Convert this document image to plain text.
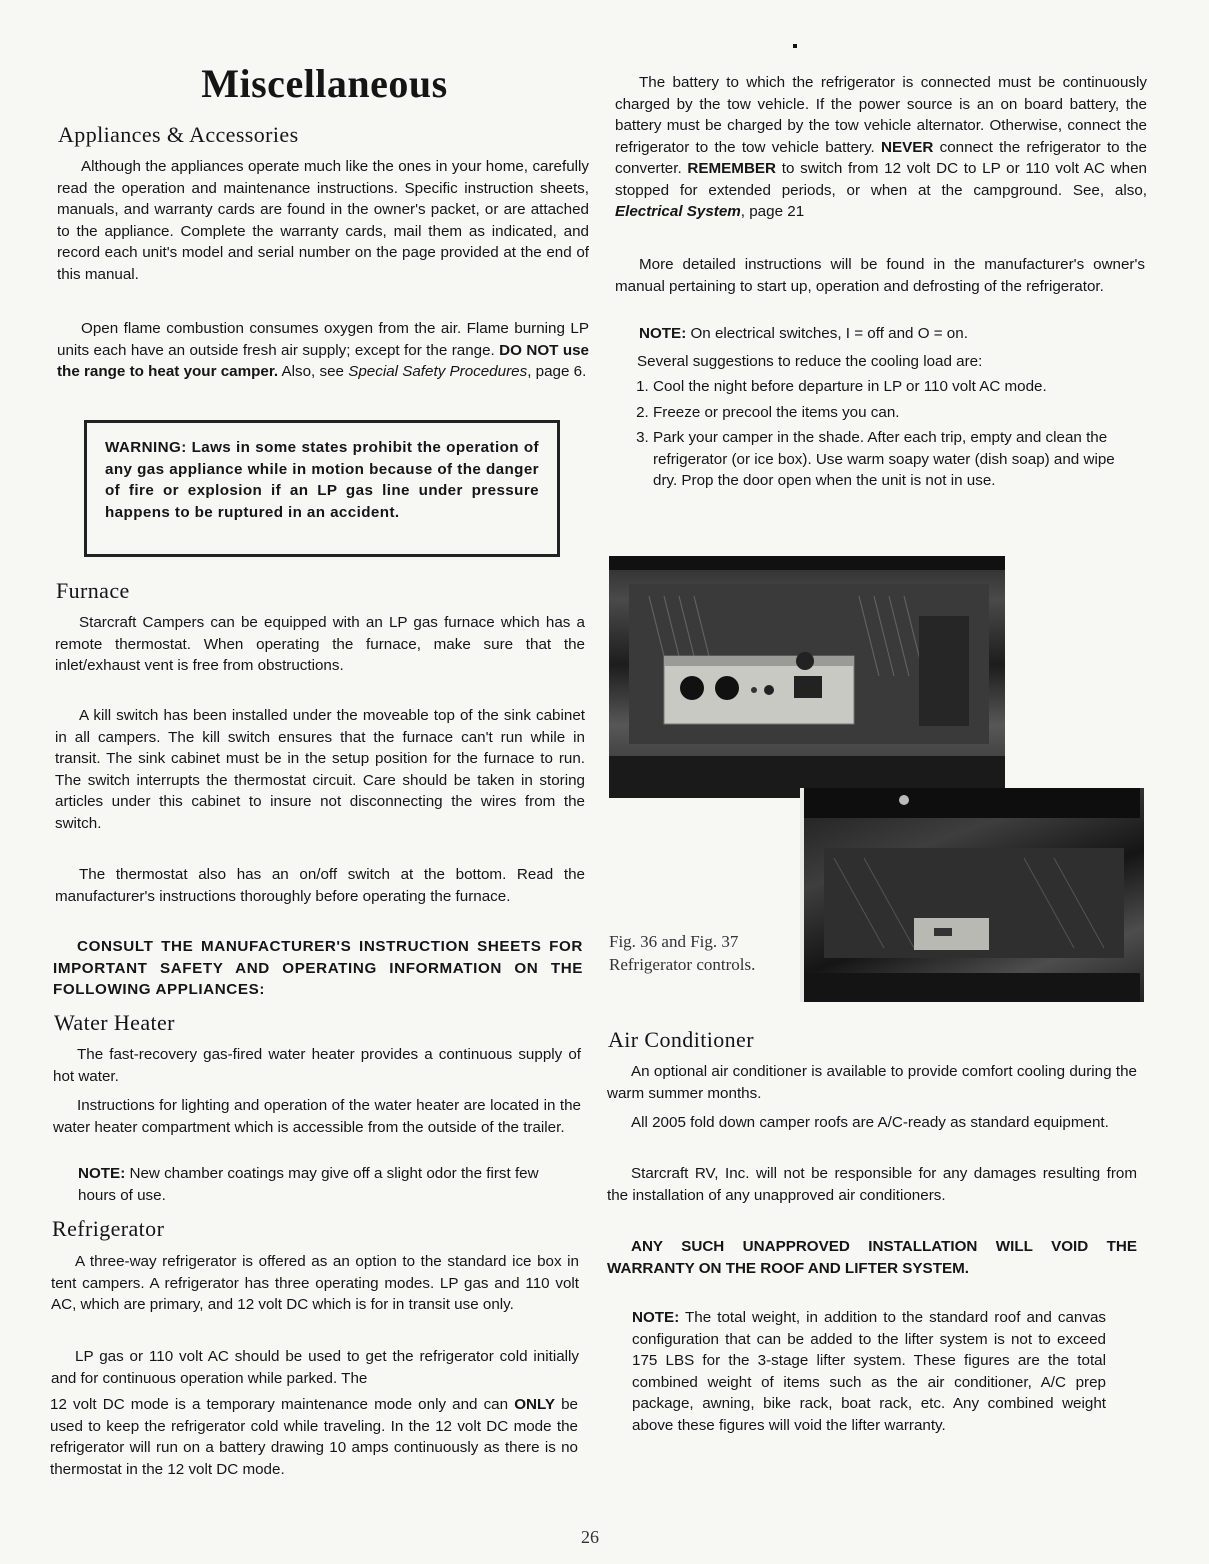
Miscellaneous
Appliances & Accessories

Although the appliances operate much like the ones in your home, carefully read the operation and maintenance instructions. Specific instruction sheets, manuals, and warranty cards are found in the owner's packet, or are attached to the appliance. Complete the warranty cards, mail them as indicated, and record each unit's model and serial number on the page provided at the end of this manual.

Open flame combustion consumes oxygen from the air. Flame burning LP units each have an outside fresh air supply; except for the range. DO NOT use the range to heat your camper. Also, see Special Safety Procedures, page 6.

WARNING: Laws in some states prohibit the operation of any gas appliance while in motion because of the danger of fire or explosion if an LP gas line under pressure happens to be ruptured in an accident.
Furnace

Starcraft Campers can be equipped with an LP gas furnace which has a remote thermostat. When operating the furnace, make sure that the inlet/exhaust vent is free from obstructions.

A kill switch has been installed under the moveable top of the sink cabinet in all campers. The kill switch ensures that the furnace can't run while in transit. The sink cabinet must be in the setup position for the furnace to run. The switch interrupts the thermostat circuit. Care should be taken in storing articles under this cabinet to insure not disconnecting the wires from the switch.

The thermostat also has an on/off switch at the bottom. Read the manufacturer's instructions thoroughly before operating the furnace.

CONSULT THE MANUFACTURER'S INSTRUCTION SHEETS FOR IMPORTANT SAFETY AND OPERATING INFORMATION ON THE FOLLOWING APPLIANCES:

Water Heater

The fast-recovery gas-fired water heater provides a continuous supply of hot water.

Instructions for lighting and operation of the water heater are located in the water heater compartment which is accessible from the outside of the trailer.

NOTE: New chamber coatings may give off a slight odor the first few hours of use.

Refrigerator

A three-way refrigerator is offered as an option to the standard ice box in tent campers. A refrigerator has three operating modes. LP gas and 110 volt AC, which are primary, and 12 volt DC which is for in transit use only.

LP gas or 110 volt AC should be used to get the refrigerator cold initially and for continuous operation while parked. The

12 volt DC mode is a temporary maintenance mode only and can ONLY be used to keep the refrigerator cold while traveling. In the 12 volt DC mode the refrigerator will run on a battery drawing 10 amps continuously as there is no thermostat in the 12 volt DC mode.

The battery to which the refrigerator is connected must be continuously charged by the tow vehicle. If the power source is an on board battery, the battery must be charged by the tow vehicle alternator. Otherwise, connect the refrigerator to the tow vehicle battery. NEVER connect the refrigerator to the converter. REMEMBER to switch from 12 volt DC to LP or 110 volt AC when stopped for extended periods, or when at the campground. See, also, Electrical System, page 21

More detailed instructions will be found in the manufacturer's owner's manual pertaining to start up, operation and defrosting of the refrigerator.

NOTE: On electrical switches, I = off and O = on.

Several suggestions to reduce the cooling load are:

1. Cool the night before departure in LP or 110 volt AC mode.
2. Freeze or precool the items you can.
3. Park your camper in the shade. After each trip, empty and clean the refrigerator (or ice box). Use warm soapy water (dish soap) and wipe dry. Prop the door open when the unit is not in use.
Fig. 36 and Fig. 37 Refrigerator controls.
Air Conditioner

An optional air conditioner is available to provide comfort cooling during the warm summer months.

All 2005 fold down camper roofs are A/C-ready as standard equipment.

Starcraft RV, Inc. will not be responsible for any damages resulting from the installation of any unapproved air conditioners.

ANY SUCH UNAPPROVED INSTALLATION WILL VOID THE WARRANTY ON THE ROOF AND LIFTER SYSTEM.

NOTE: The total weight, in addition to the standard roof and canvas configuration that can be added to the lifter system is not to exceed 175 LBS for the 3-stage lifter system. These figures are the total combined weight of items such as the air conditioner, A/C prep package, awning, bike rack, boat rack, etc. Any combined weight above these figures will void the lifter warranty.

26
